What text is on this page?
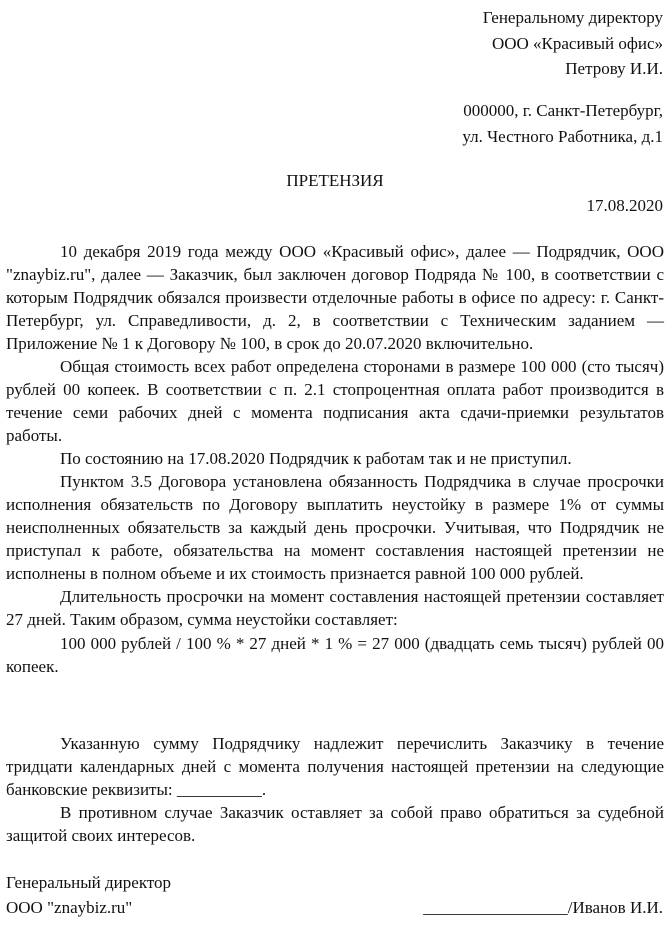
Генеральному директору
ООО «Красивый офис»
Петрову И.И.
000000, г. Санкт-Петербург,
ул. Честного Работника, д.1
ПРЕТЕНЗИЯ
17.08.2020

10 декабря 2019 года между ООО «Красивый офис», далее — Подрядчик, ООО "znaybiz.ru", далее — Заказчик, был заключен договор Подряда № 100, в соответствии с которым Подрядчик обязался произвести отделочные работы в офисе по адресу: г. Санкт-Петербург, ул. Справедливости, д. 2, в соответствии с Техническим заданием — Приложение № 1 к Договору № 100, в срок до 20.07.2020 включительно.

Общая стоимость всех работ определена сторонами в размере 100 000 (сто тысяч) рублей 00 копеек. В соответствии с п. 2.1 стопроцентная оплата работ производится в течение семи рабочих дней с момента подписания акта сдачи-приемки результатов работы.

По состоянию на 17.08.2020 Подрядчик к работам так и не приступил.

Пунктом 3.5 Договора установлена обязанность Подрядчика в случае просрочки исполнения обязательств по Договору выплатить неустойку в размере 1% от суммы неисполненных обязательств за каждый день просрочки. Учитывая, что Подрядчик не приступал к работе, обязательства на момент составления настоящей претензии не исполнены в полном объеме и их стоимость признается равной 100 000 рублей.

Длительность просрочки на момент составления настоящей претензии составляет 27 дней. Таким образом, сумма неустойки составляет:

100 000 рублей / 100 % * 27 дней * 1 % = 27 000 (двадцать семь тысяч) рублей 00 копеек.

Указанную сумму Подрядчику надлежит перечислить Заказчику в течение тридцати календарных дней с момента получения настоящей претензии на следующие банковские реквизиты: __________.

В противном случае Заказчик оставляет за собой право обратиться за судебной защитой своих интересов.

Генеральный директор
ООО "znaybiz.ru"	_________________/Иванов И.И.
